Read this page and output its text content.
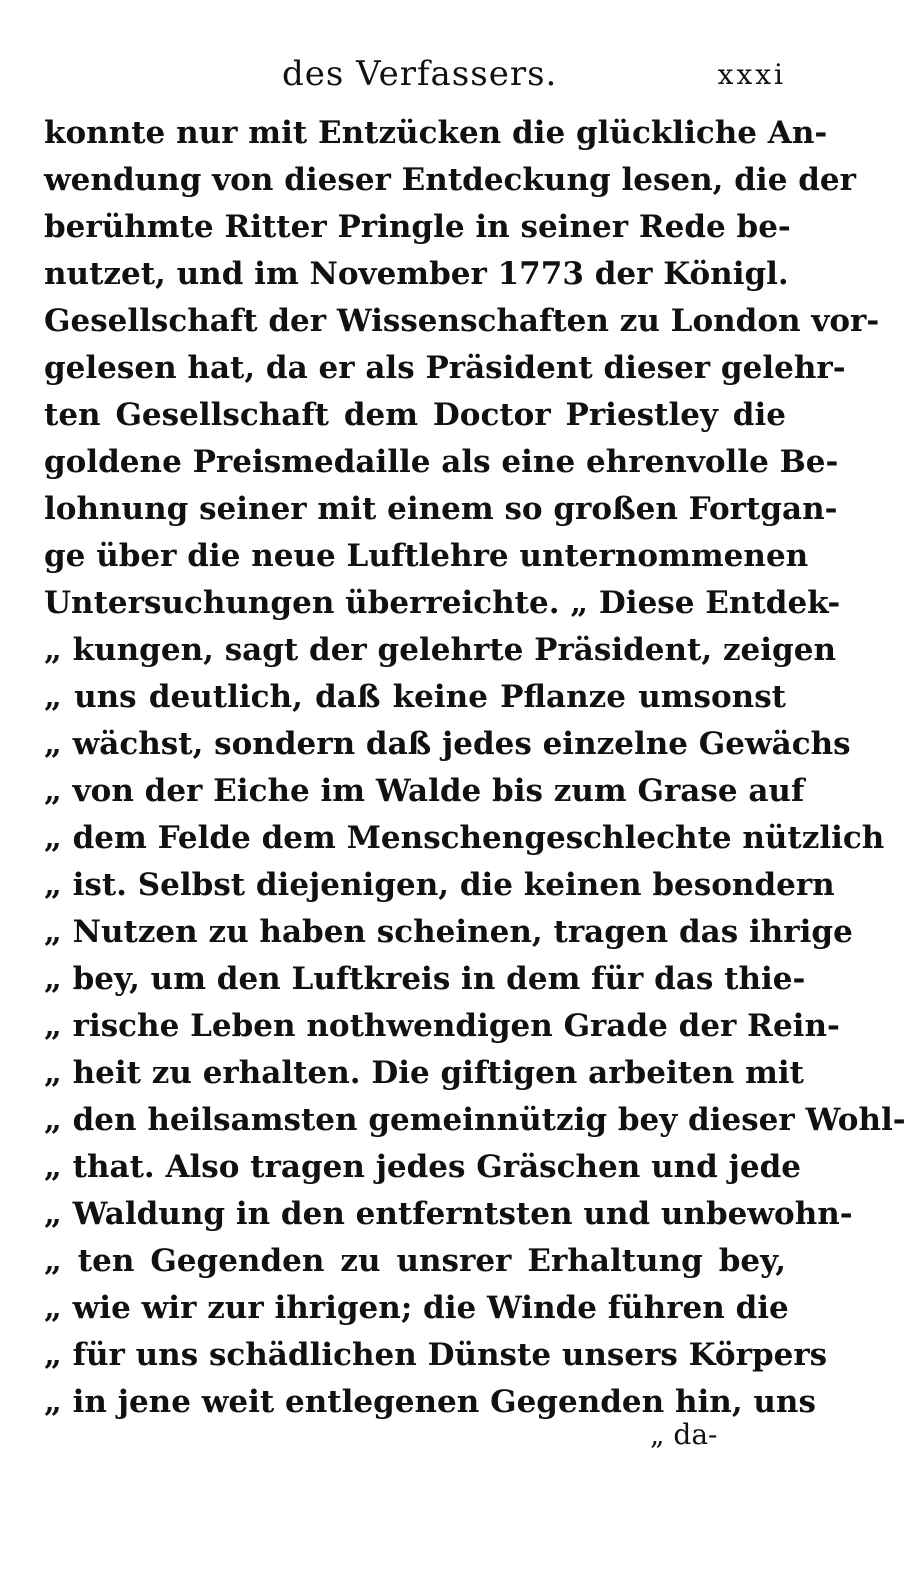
des Verfassers.	xxxi
konnte nur mit Entzücken die glückliche An-
wendung von dieser Entdeckung lesen, die der
berühmte Ritter Pringle in seiner Rede be-
nutzet, und im November 1773 der Königl.
Gesellschaft der Wissenschaften zu London vor-
gelesen hat, da er als Präsident dieser gelehr-
ten Gesellschaft dem Doctor Priestley die
goldene Preismedaille als eine ehrenvolle Be-
lohnung seiner mit einem so großen Fortgan-
ge über die neue Luftlehre unternommenen
Untersuchungen überreichte. „ Diese Entdek-
„ kungen, sagt der gelehrte Präsident, zeigen
„ uns deutlich, daß keine Pflanze umsonst
„ wächst, sondern daß jedes einzelne Gewächs
„ von der Eiche im Walde bis zum Grase auf
„ dem Felde dem Menschengeschlechte nützlich
„ ist. Selbst diejenigen, die keinen besondern
„ Nutzen zu haben scheinen, tragen das ihrige
„ bey, um den Luftkreis in dem für das thie-
„ rische Leben nothwendigen Grade der Rein-
„ heit zu erhalten. Die giftigen arbeiten mit
„ den heilsamsten gemeinnützig bey dieser Wohl-
„ that. Also tragen jedes Gräschen und jede
„ Waldung in den entferntsten und unbewohn-
„ ten Gegenden zu unsrer Erhaltung bey,
„ wie wir zur ihrigen; die Winde führen die
„ für uns schädlichen Dünste unsers Körpers
„ in jene weit entlegenen Gegenden hin, uns
„ da-
